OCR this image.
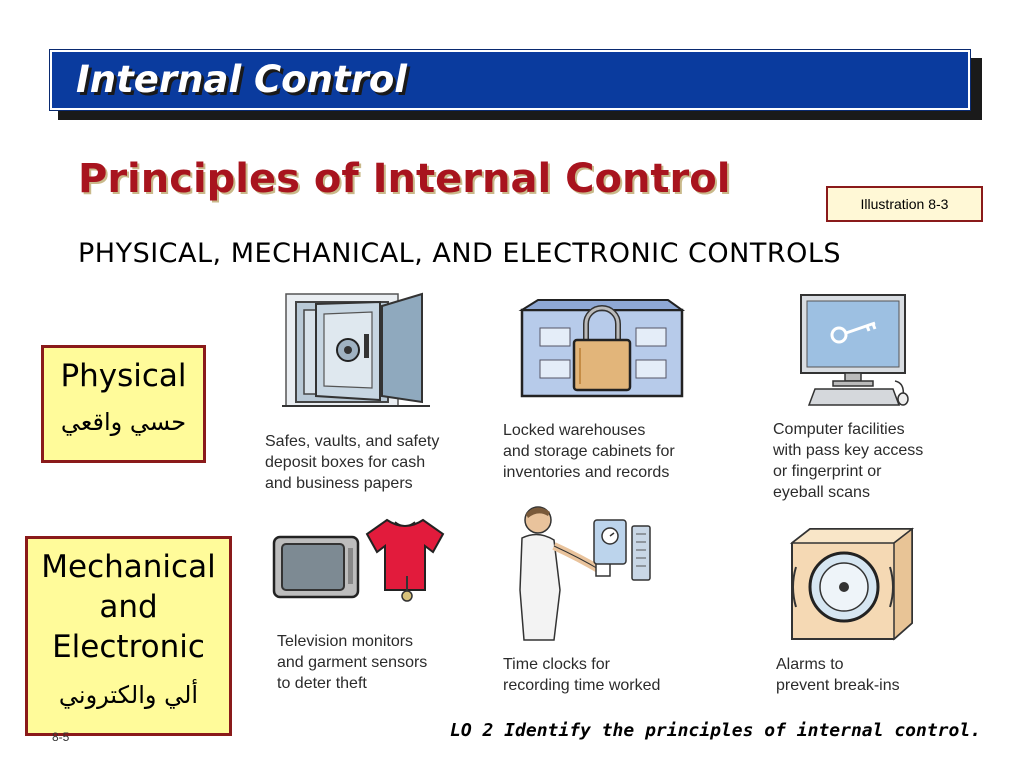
Internal Control
Principles of Internal Control
Illustration 8-3
PHYSICAL, MECHANICAL, AND ELECTRONIC CONTROLS
Physical
حسي واقعي
Mechanical and Electronic
ألي والكتروني
Safes, vaults, and safety
deposit boxes for cash
and business papers
Locked warehouses
and storage cabinets for
inventories and records
Computer facilities
with pass key access
or fingerprint or
eyeball scans
Television monitors
and garment sensors
to deter theft
Time clocks for
recording time worked
Alarms to
prevent break-ins
8-5	LO 2 Identify the principles of internal control.
